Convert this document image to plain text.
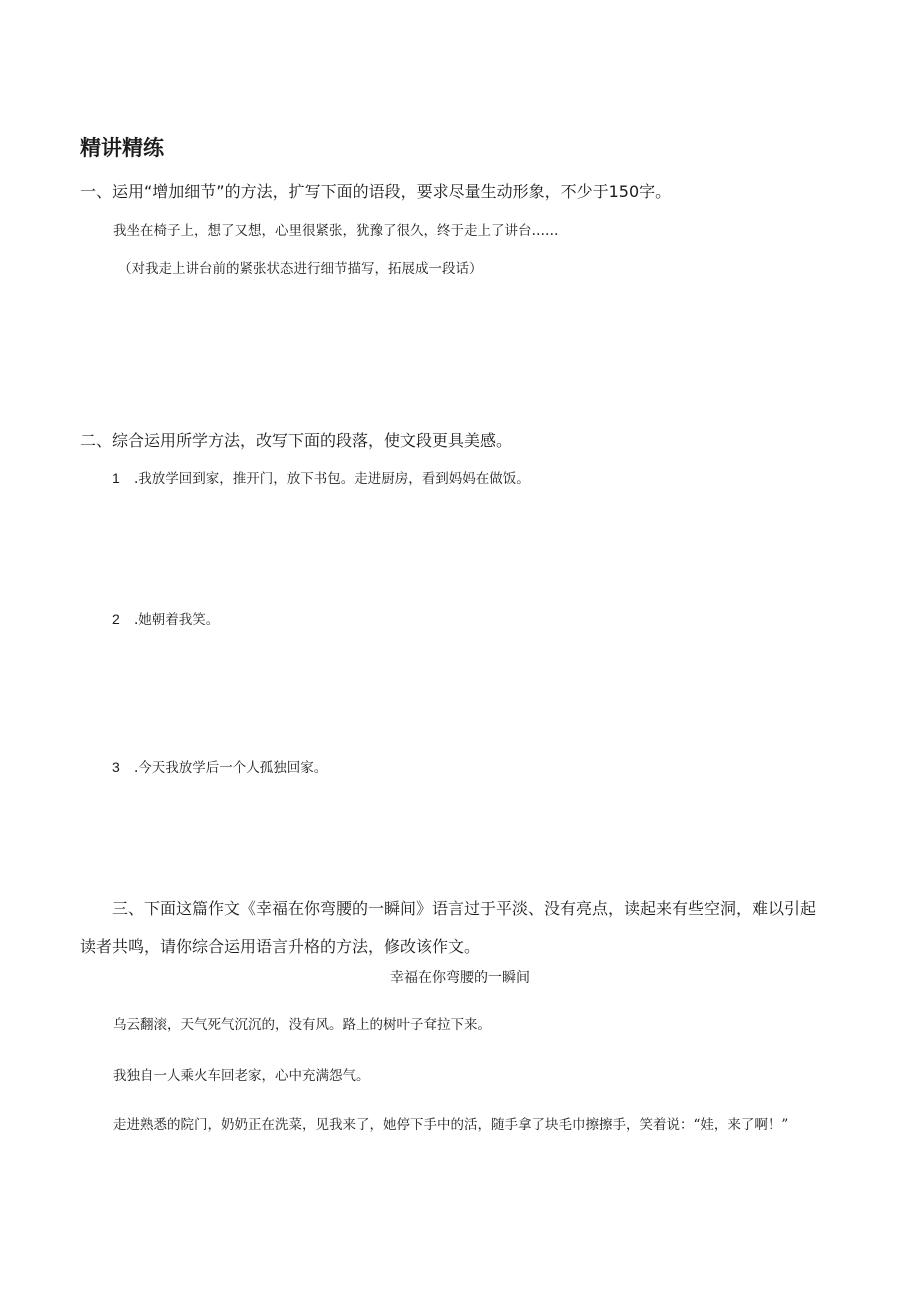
精讲精练
一、运用“增加细节”的方法，扩写下面的语段，要求尽量生动形象，不少于150字。
我坐在椅子上，想了又想，心里很紧张，犹豫了很久，终于走上了讲台……
（对我走上讲台前的紧张状态进行细节描写，拓展成一段话）
二、综合运用所学方法，改写下面的段落，使文段更具美感。
1	.我放学回到家，推开门，放下书包。走进厨房，看到妈妈在做饭。
2	.她朝着我笑。
3	.今天我放学后一个人孤独回家。
三、下面这篇作文《幸福在你弯腰的一瞬间》语言过于平淡、没有亮点，读起来有些空洞，难以引起读者共鸣，请你综合运用语言升格的方法，修改该作文。
幸福在你弯腰的一瞬间
乌云翻滚，天气死气沉沉的，没有风。路上的树叶子耷拉下来。
我独自一人乘火车回老家，心中充满怨气。
走进熟悉的院门，奶奶正在洗菜，见我来了，她停下手中的活，随手拿了块毛巾擦擦手，笑着说：“娃，来了啊！”
